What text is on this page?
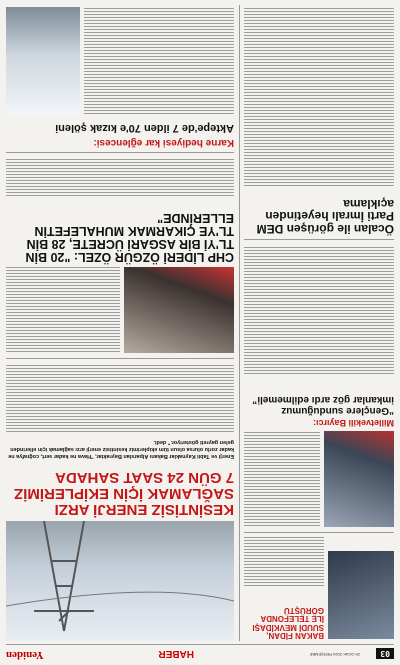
03
25 OCAK 2024 PERŞEMBE
HABER
Yeniden
BAKAN FİDAN, SUUDİ MEVKİDAŞI İLE TELEFONDA GÖRÜŞTÜ
Milletvekili Bayırcı:
“Gençlere sunduğumuz imkanlar göz ardı edilmemeli”
Öcalan ile görüşen DEM Parti İmralı heyetinden açıklama
KESİNTİSİZ ENERJİ ARZI SAĞLAMAK İÇİN EKİPLERİMİZ 7 GÜN 24 SAAT SAHADA
Enerji ve Tabii Kaynaklar Bakanı Alparslan Bayraktar, "Hava ne kadar sert, coğrafya ne kadar zorlu olursa olsun tüm ekiplerimiz kesintisiz enerji arzı sağlamak için ellerinden gelen gayreti gösteriyor." dedi.
CHP LİDERİ ÖZGÜR ÖZEL: "20 BİN TL'Yİ BİR ASGARİ ÜCRETE, 28 BİN TL'YE ÇIKARMAK MUHALEFETİN ELLERİNDE"
Karne hediyesi kar eğlencesi:
Aktepe'de 7 ilden 70'e kızak şöleni
